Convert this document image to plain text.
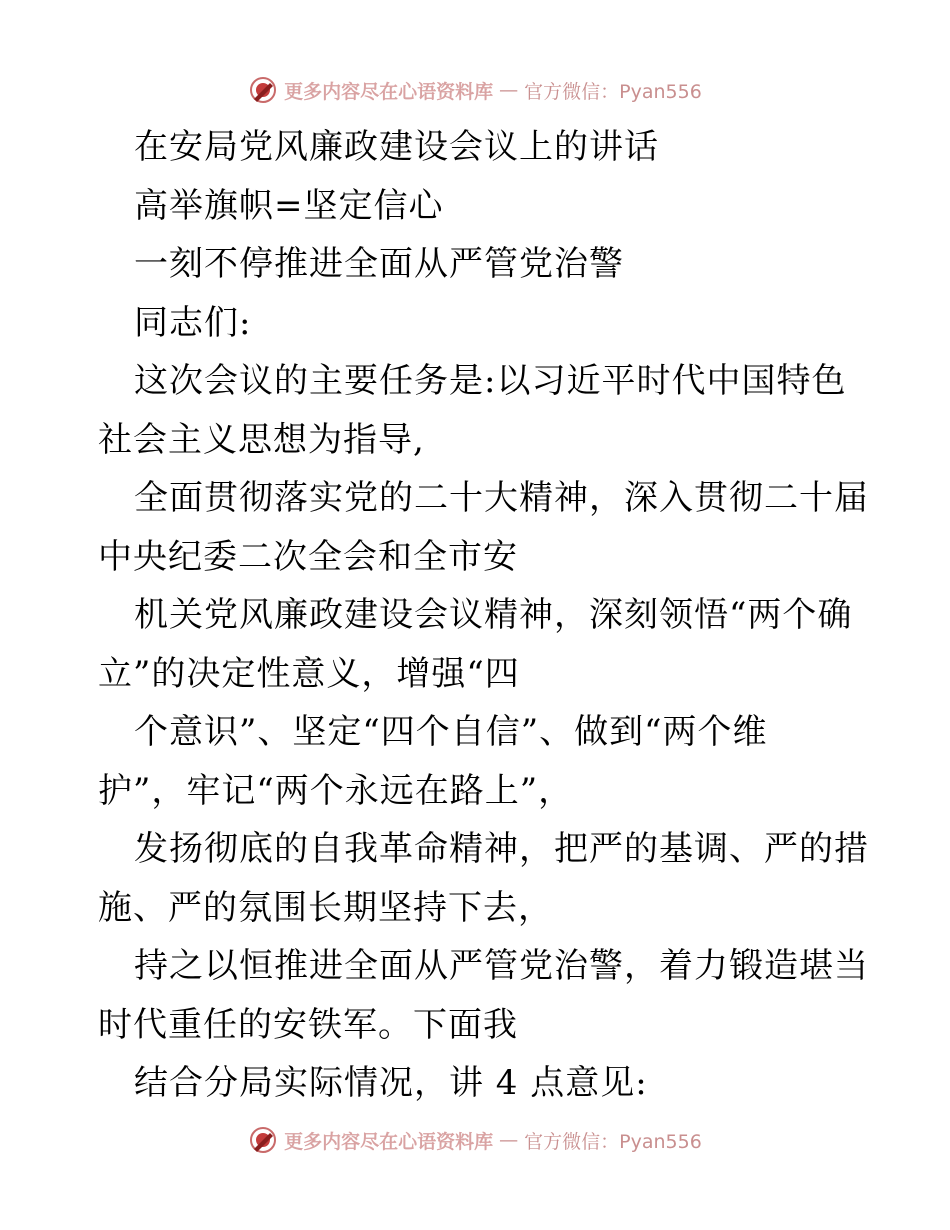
更多内容尽在心语资料库 — 官方微信：Pyan556
在安局党风廉政建设会议上的讲话
高举旗帜=坚定信心
一刻不停推进全面从严管党治警
同志们:
这次会议的主要任务是:以习近平时代中国特色
社会主义思想为指导,
全面贯彻落实党的二十大精神，深入贯彻二十届
中央纪委二次全会和全市安
机关党风廉政建设会议精神，深刻领悟“两个确
立”的决定性意义，增强“四
个意识”、坚定“四个自信”、做到“两个维
护”，牢记“两个永远在路上”，
发扬彻底的自我革命精神，把严的基调、严的措
施、严的氛围长期坚持下去，
持之以恒推进全面从严管党治警，着力锻造堪当
时代重任的安铁军。下面我
结合分局实际情况，讲 4 点意见:
更多内容尽在心语资料库 — 官方微信：Pyan556
